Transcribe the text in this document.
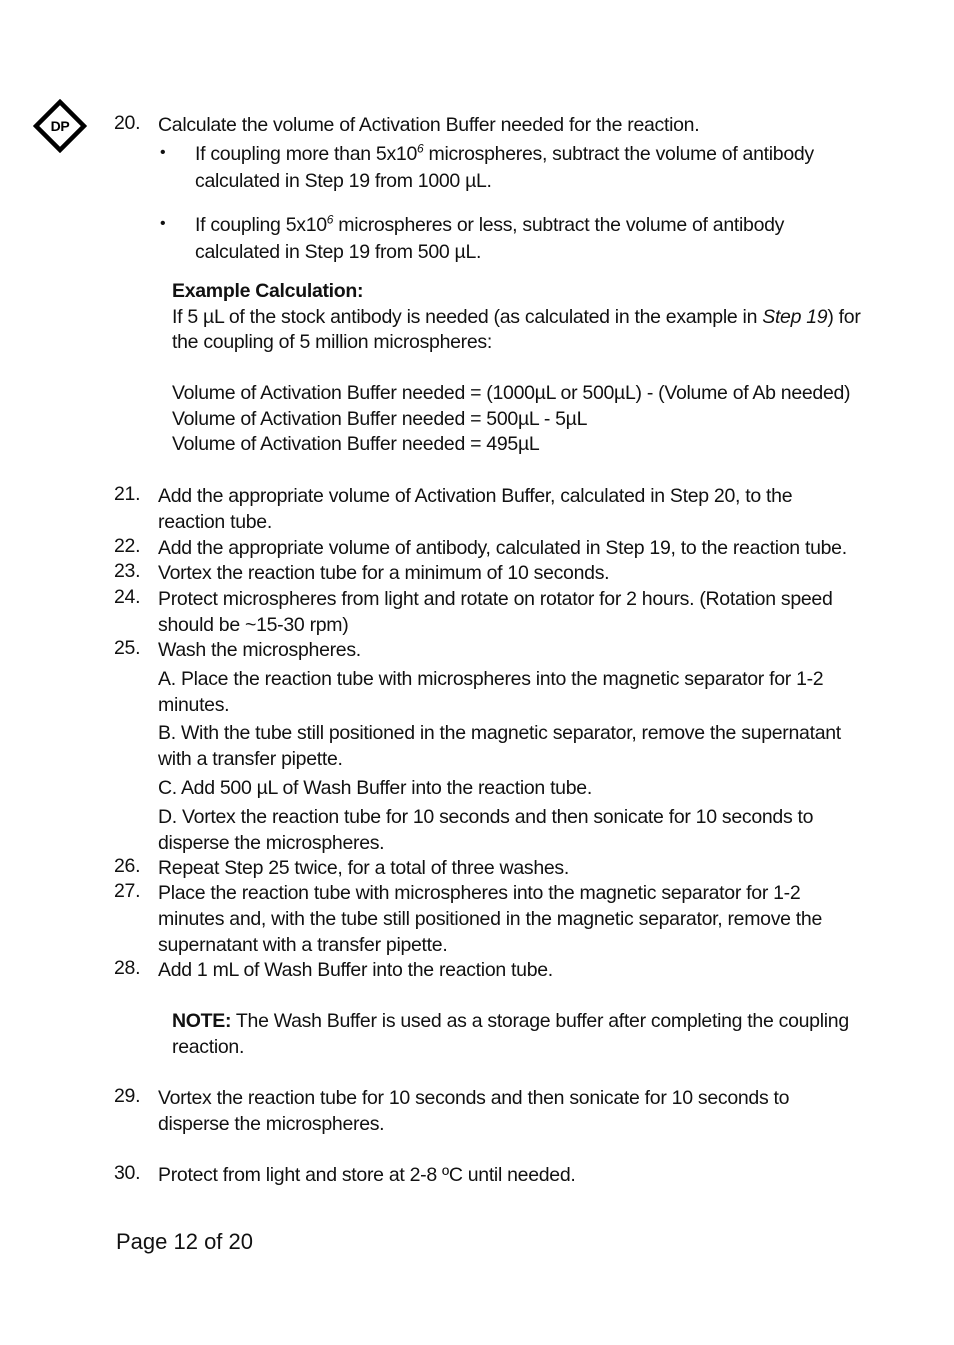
DP 20. Calculate the volume of Activation Buffer needed for the reaction.
• If coupling more than $5x10^6$ microspheres, subtract the volume of antibody
calculated in Step 19 from 1000 µL.
• If coupling $5x10^6$ microspheres or less, subtract the volume of antibody
calculated in Step 19 from 500 µL.
Example Calculation:
If 5 µL of the stock antibody is needed (as calculated in the example in Step 19) for
the coupling of 5 million microspheres:

Volume of Activation Buffer needed = (1000µL or 500µL) - (Volume of Ab needed)
Volume of Activation Buffer needed = 500µL - 5µL
Volume of Activation Buffer needed = 495µL
21. Add the appropriate volume of Activation Buffer, calculated in Step 20, to the
reaction tube.
22. Add the appropriate volume of antibody, calculated in Step 19, to the reaction tube.
23. Vortex the reaction tube for a minimum of 10 seconds.
24. Protect microspheres from light and rotate on rotator for 2 hours. (Rotation speed
should be ~15-30 rpm)
25. Wash the microspheres.
A. Place the reaction tube with microspheres into the magnetic separator for 1-2
minutes.
B. With the tube still positioned in the magnetic separator, remove the supernatant
with a transfer pipette.
C. Add 500 µL of Wash Buffer into the reaction tube.
D. Vortex the reaction tube for 10 seconds and then sonicate for 10 seconds to
disperse the microspheres.
26. Repeat Step 25 twice, for a total of three washes.
27. Place the reaction tube with microspheres into the magnetic separator for 1-2
minutes and, with the tube still positioned in the magnetic separator, remove the
supernatant with a transfer pipette.
28. Add 1 mL of Wash Buffer into the reaction tube.
NOTE: The Wash Buffer is used as a storage buffer after completing the coupling
reaction.
29. Vortex the reaction tube for 10 seconds and then sonicate for 10 seconds to
disperse the microspheres.
30. Protect from light and store at 2-8 ºC until needed.
Page 12 of 20
